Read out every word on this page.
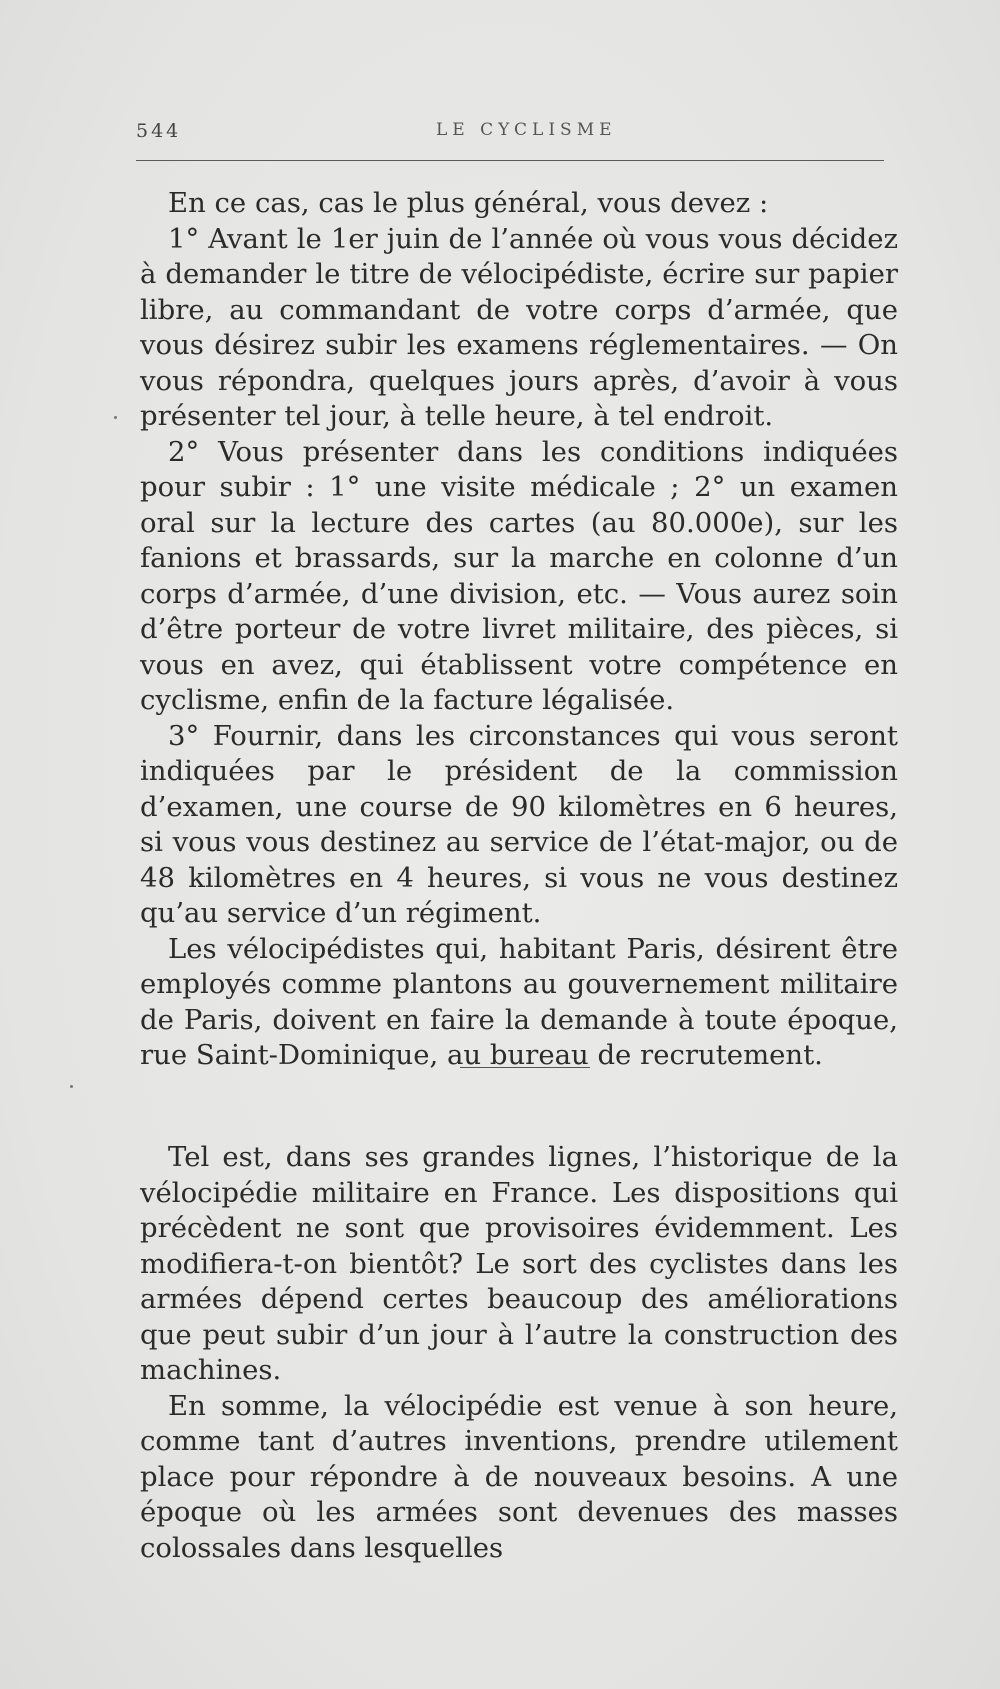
544	LE CYCLISME

En ce cas, cas le plus général, vous devez :

1° Avant le 1er juin de l’année où vous vous décidez à demander le titre de vélocipédiste, écrire sur papier libre, au commandant de votre corps d’armée, que vous désirez subir les examens réglementaires. — On vous répondra, quelques jours après, d’avoir à vous présenter tel jour, à telle heure, à tel endroit.

2° Vous présenter dans les conditions indiquées pour subir : 1° une visite médicale ; 2° un examen oral sur la lecture des cartes (au 80.000e), sur les fanions et brassards, sur la marche en colonne d’un corps d’armée, d’une division, etc. — Vous aurez soin d’être porteur de votre livret militaire, des pièces, si vous en avez, qui établissent votre compétence en cyclisme, enfin de la facture légalisée.

3° Fournir, dans les circonstances qui vous seront indiquées par le président de la commission d’examen, une course de 90 kilomètres en 6 heures, si vous vous destinez au service de l’état-major, ou de 48 kilomètres en 4 heures, si vous ne vous destinez qu’au service d’un régiment.

Les vélocipédistes qui, habitant Paris, désirent être employés comme plantons au gouvernement militaire de Paris, doivent en faire la demande à toute époque, rue Saint-Dominique, au bureau de recrutement.

Tel est, dans ses grandes lignes, l’historique de la vélocipédie militaire en France. Les dispositions qui précèdent ne sont que provisoires évidemment. Les modifiera-t-on bientôt? Le sort des cyclistes dans les armées dépend certes beaucoup des améliorations que peut subir d’un jour à l’autre la construction des machines.

En somme, la vélocipédie est venue à son heure, comme tant d’autres inventions, prendre utilement place pour répondre à de nouveaux besoins. A une époque où les armées sont devenues des masses colossales dans lesquelles
